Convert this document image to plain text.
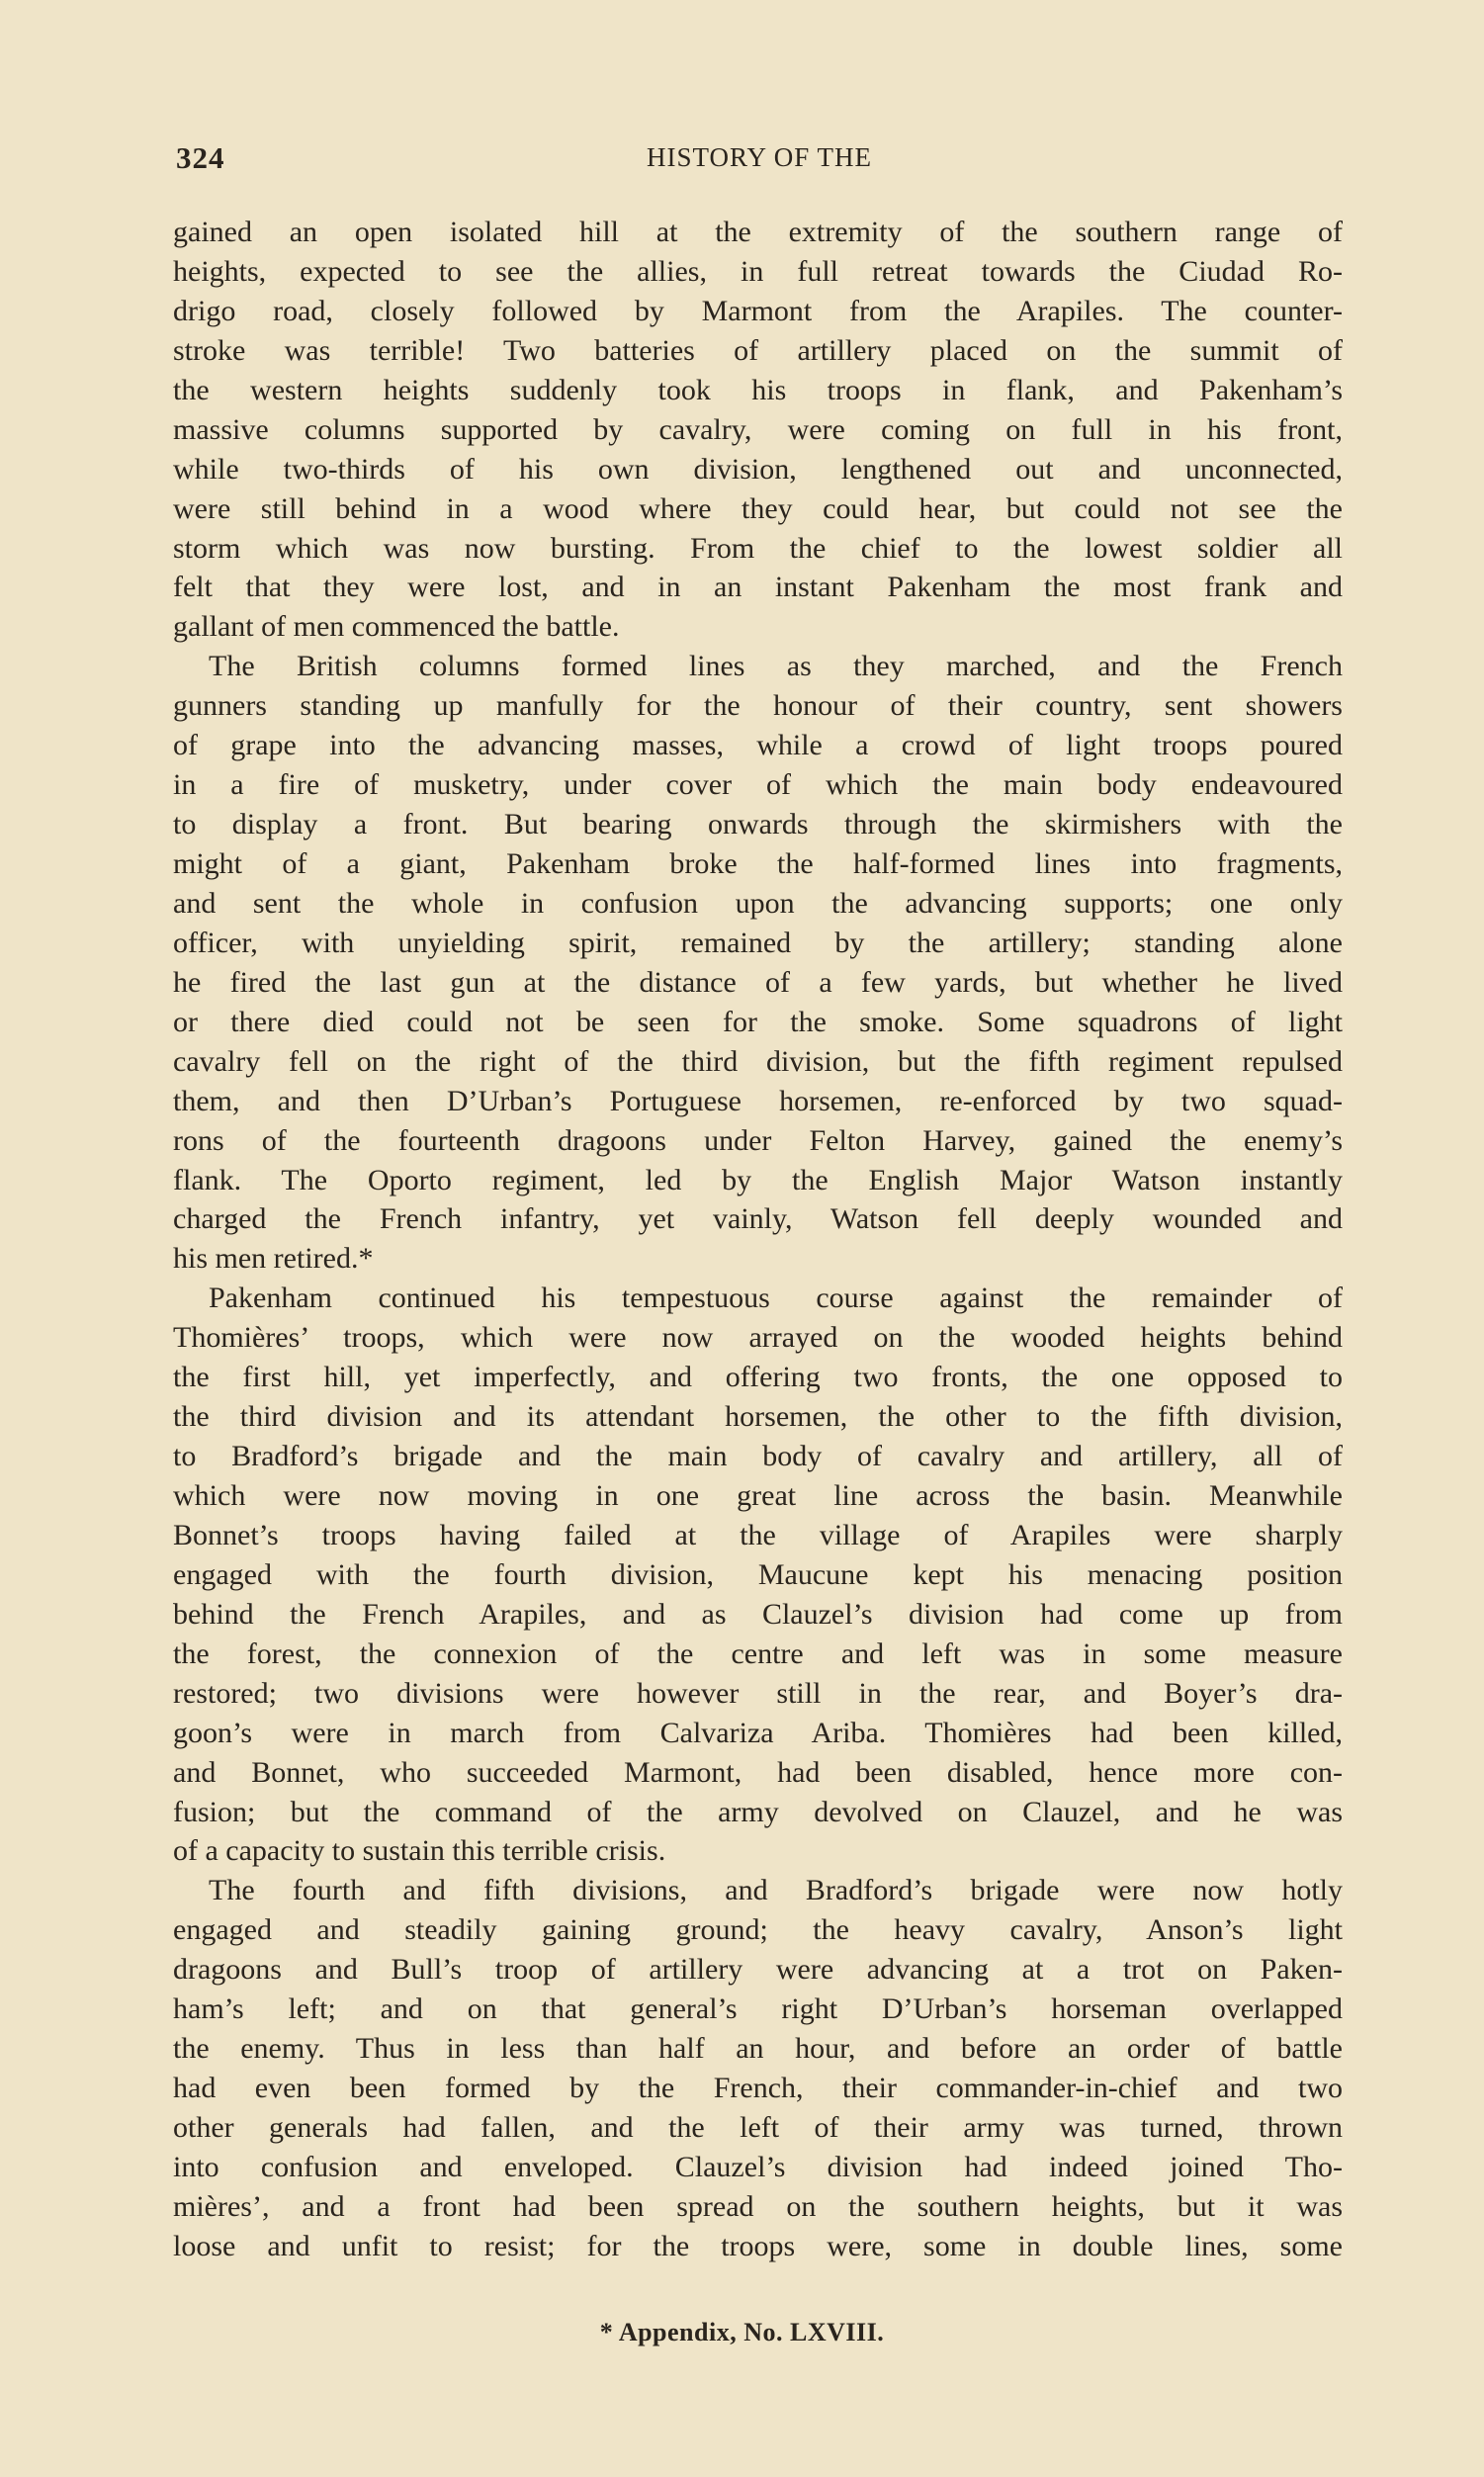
324	HISTORY OF THE
gained an open isolated hill at the extremity of the southern range of
heights, expected to see the allies, in full retreat towards the Ciudad Ro-
drigo road, closely followed by Marmont from the Arapiles. The counter-
stroke was terrible! Two batteries of artillery placed on the summit of
the western heights suddenly took his troops in flank, and Pakenham’s
massive columns supported by cavalry, were coming on full in his front,
while two-thirds of his own division, lengthened out and unconnected,
were still behind in a wood where they could hear, but could not see the
storm which was now bursting. From the chief to the lowest soldier all
felt that they were lost, and in an instant Pakenham the most frank and
gallant of men commenced the battle.
The British columns formed lines as they marched, and the French
gunners standing up manfully for the honour of their country, sent showers
of grape into the advancing masses, while a crowd of light troops poured
in a fire of musketry, under cover of which the main body endeavoured
to display a front. But bearing onwards through the skirmishers with the
might of a giant, Pakenham broke the half-formed lines into fragments,
and sent the whole in confusion upon the advancing supports; one only
officer, with unyielding spirit, remained by the artillery; standing alone
he fired the last gun at the distance of a few yards, but whether he lived
or there died could not be seen for the smoke. Some squadrons of light
cavalry fell on the right of the third division, but the fifth regiment repulsed
them, and then D’Urban’s Portuguese horsemen, re-enforced by two squad-
rons of the fourteenth dragoons under Felton Harvey, gained the enemy’s
flank. The Oporto regiment, led by the English Major Watson instantly
charged the French infantry, yet vainly, Watson fell deeply wounded and
his men retired.*
Pakenham continued his tempestuous course against the remainder of
Thomières’ troops, which were now arrayed on the wooded heights behind
the first hill, yet imperfectly, and offering two fronts, the one opposed to
the third division and its attendant horsemen, the other to the fifth division,
to Bradford’s brigade and the main body of cavalry and artillery, all of
which were now moving in one great line across the basin. Meanwhile
Bonnet’s troops having failed at the village of Arapiles were sharply
engaged with the fourth division, Maucune kept his menacing position
behind the French Arapiles, and as Clauzel’s division had come up from
the forest, the connexion of the centre and left was in some measure
restored; two divisions were however still in the rear, and Boyer’s dra-
goon’s were in march from Calvariza Ariba. Thomières had been killed,
and Bonnet, who succeeded Marmont, had been disabled, hence more con-
fusion; but the command of the army devolved on Clauzel, and he was
of a capacity to sustain this terrible crisis.
The fourth and fifth divisions, and Bradford’s brigade were now hotly
engaged and steadily gaining ground; the heavy cavalry, Anson’s light
dragoons and Bull’s troop of artillery were advancing at a trot on Paken-
ham’s left; and on that general’s right D’Urban’s horseman overlapped
the enemy. Thus in less than half an hour, and before an order of battle
had even been formed by the French, their commander-in-chief and two
other generals had fallen, and the left of their army was turned, thrown
into confusion and enveloped. Clauzel’s division had indeed joined Tho-
mières’, and a front had been spread on the southern heights, but it was
loose and unfit to resist; for the troops were, some in double lines, some
* Appendix, No. LXVIII.
